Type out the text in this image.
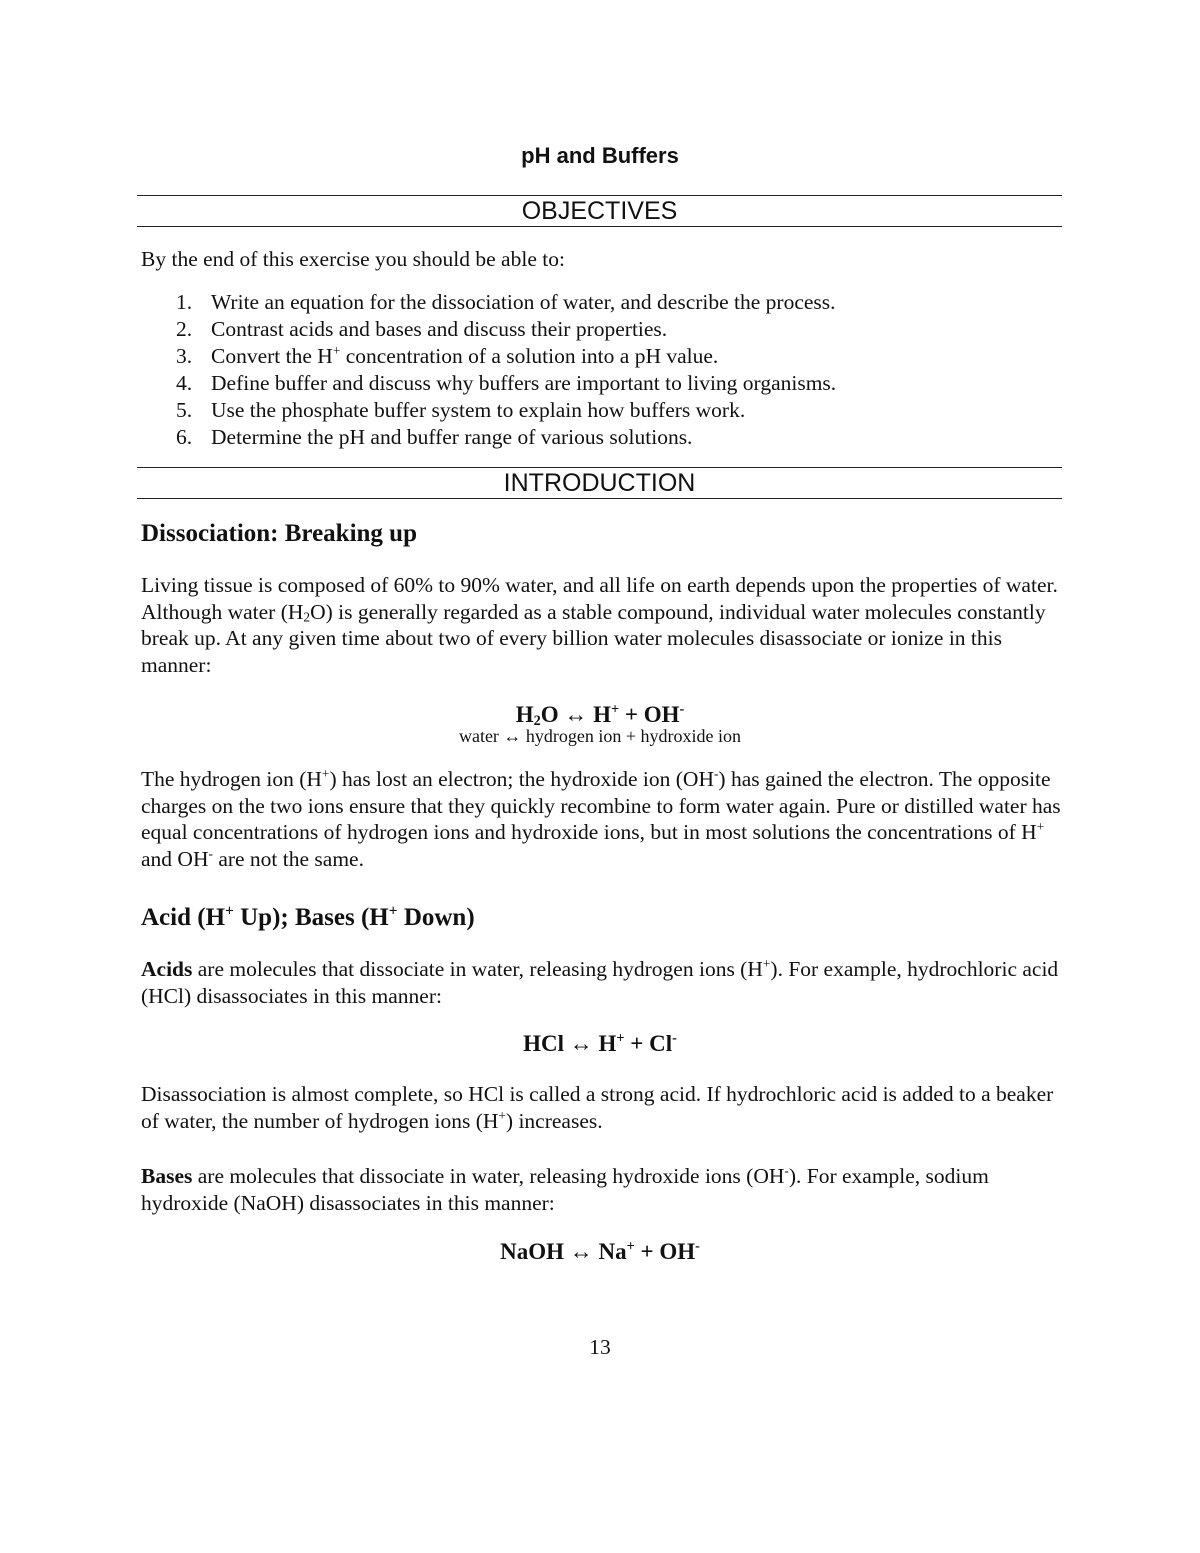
pH and Buffers
OBJECTIVES

By the end of this exercise you should be able to:

1. Write an equation for the dissociation of water, and describe the process.
2. Contrast acids and bases and discuss their properties.
3. Convert the H+ concentration of a solution into a pH value.
4. Define buffer and discuss why buffers are important to living organisms.
5. Use the phosphate buffer system to explain how buffers work.
6. Determine the pH and buffer range of various solutions.
INTRODUCTION
Dissociation: Breaking up

Living tissue is composed of 60% to 90% water, and all life on earth depends upon the properties of water. Although water $(H_2O)$ is generally regarded as a stable compound, individual water molecules constantly break up. At any given time about two of every billion water molecules disassociate or ionize in this manner:

$H_2O$ ↔ H+ + OH-
water ↔ hydrogen ion + hydroxide ion

The hydrogen ion (H+) has lost an electron; the hydroxide ion (OH-) has gained the electron. The opposite charges on the two ions ensure that they quickly recombine to form water again. Pure or distilled water has equal concentrations of hydrogen ions and hydroxide ions, but in most solutions the concentrations of H+ and OH- are not the same.

Acid (H+ Up); Bases (H+ Down)

Acids are molecules that dissociate in water, releasing hydrogen ions (H+). For example, hydrochloric acid (HCl) disassociates in this manner:

HCl ↔ H+ + Cl-

Disassociation is almost complete, so HCl is called a strong acid. If hydrochloric acid is added to a beaker of water, the number of hydrogen ions (H+) increases.

Bases are molecules that dissociate in water, releasing hydroxide ions (OH-). For example, sodium hydroxide (NaOH) disassociates in this manner:

NaOH ↔ Na+ + OH-
13
